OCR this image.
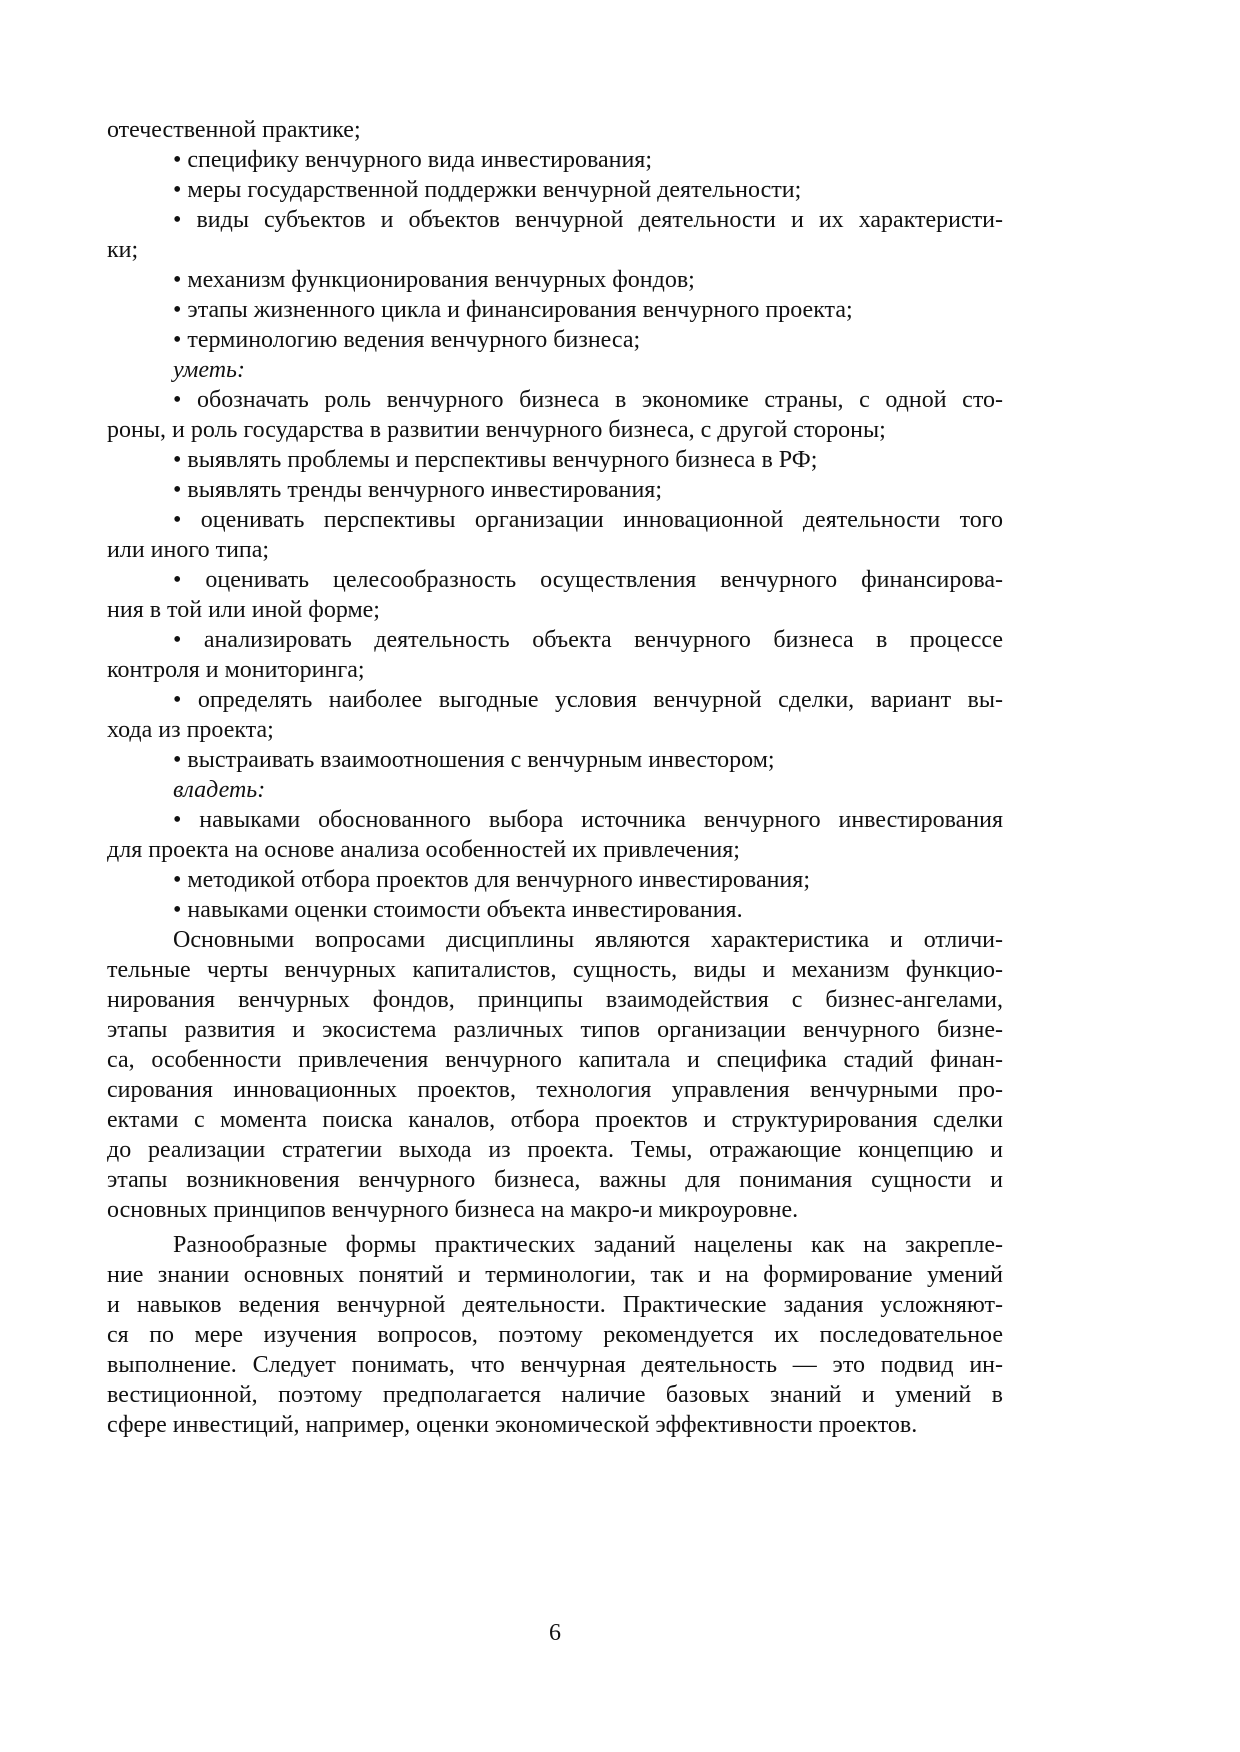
отечественной практике;
• специфику венчурного вида инвестирования;
• меры государственной поддержки венчурной деятельности;
• виды субъектов и объектов венчурной деятельности и их характеристи-
ки;
• механизм функционирования венчурных фондов;
• этапы жизненного цикла и финансирования венчурного проекта;
• терминологию ведения венчурного бизнеса;
уметь:
• обозначать роль венчурного бизнеса в экономике страны, с одной сто-
роны, и роль государства в развитии венчурного бизнеса, с другой стороны;
• выявлять проблемы и перспективы венчурного бизнеса в РФ;
• выявлять тренды венчурного инвестирования;
• оценивать перспективы организации инновационной деятельности того
или иного типа;
• оценивать целесообразность осуществления венчурного финансирова-
ния в той или иной форме;
• анализировать деятельность объекта венчурного бизнеса в процессе
контроля и мониторинга;
• определять наиболее выгодные условия венчурной сделки, вариант вы-
хода из проекта;
• выстраивать взаимоотношения с венчурным инвестором;
владеть:
• навыками обоснованного выбора источника венчурного инвестирования
для проекта на основе анализа особенностей их привлечения;
• методикой отбора проектов для венчурного инвестирования;
• навыками оценки стоимости объекта инвестирования.
Основными вопросами дисциплины являются характеристика и отличи-
тельные черты венчурных капиталистов, сущность, виды и механизм функцио-
нирования венчурных фондов, принципы взаимодействия с бизнес-ангелами,
этапы развития и экосистема различных типов организации венчурного бизне-
са, особенности привлечения венчурного капитала и специфика стадий финан-
сирования инновационных проектов, технология управления венчурными про-
ектами с момента поиска каналов, отбора проектов и структурирования сделки
до реализации стратегии выхода из проекта. Темы, отражающие концепцию и
этапы возникновения венчурного бизнеса, важны для понимания сущности и
основных принципов венчурного бизнеса на макро-и микроуровне.
Разнообразные формы практических заданий нацелены как на закрепле-
ние знании основных понятий и терминологии, так и на формирование умений
и навыков ведения венчурной деятельности. Практические задания усложняют-
ся по мере изучения вопросов, поэтому рекомендуется их последовательное
выполнение. Следует понимать, что венчурная деятельность — это подвид ин-
вестиционной, поэтому предполагается наличие базовых знаний и умений в
сфере инвестиций, например, оценки экономической эффективности проектов.
6
